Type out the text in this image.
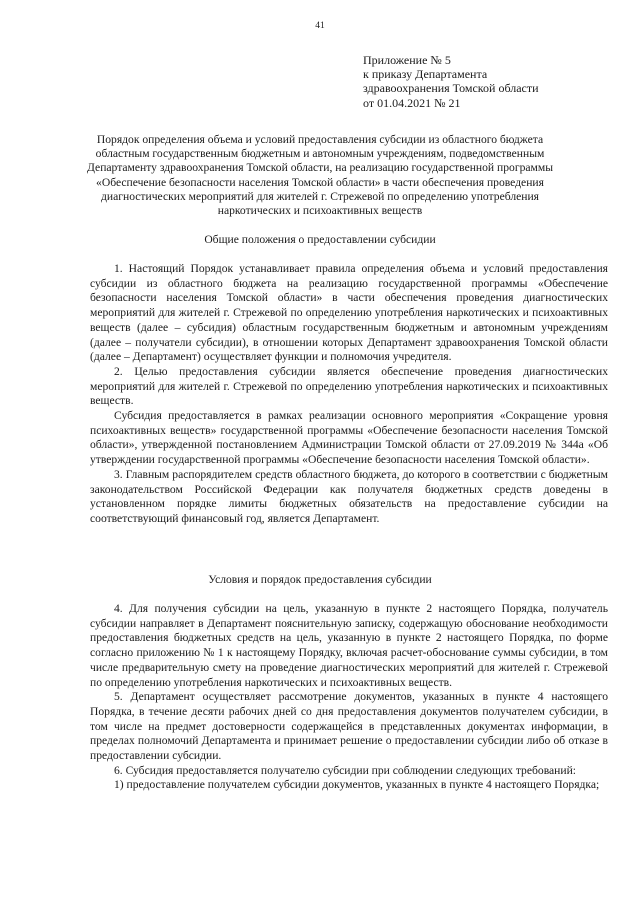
41
Приложение № 5
к приказу Департамента
здравоохранения Томской области
от 01.04.2021 № 21
Порядок определения объема и условий предоставления субсидии из областного бюджета областным государственным бюджетным и автономным учреждениям, подведомственным Департаменту здравоохранения Томской области, на реализацию государственной программы «Обеспечение безопасности населения Томской области» в части обеспечения проведения диагностических мероприятий для жителей г. Стрежевой по определению употребления наркотических и психоактивных веществ
Общие положения о предоставлении субсидии

1. Настоящий Порядок устанавливает правила определения объема и условий предоставления субсидии из областного бюджета на реализацию государственной программы «Обеспечение безопасности населения Томской области» в части обеспечения проведения диагностических мероприятий для жителей г. Стрежевой по определению употребления наркотических и психоактивных веществ (далее – субсидия) областным государственным бюджетным и автономным учреждениям (далее – получатели субсидии), в отношении которых Департамент здравоохранения Томской области (далее – Департамент) осуществляет функции и полномочия учредителя.

2. Целью предоставления субсидии является обеспечение проведения диагностических мероприятий для жителей г. Стрежевой по определению употребления наркотических и психоактивных веществ.

Субсидия предоставляется в рамках реализации основного мероприятия «Сокращение уровня психоактивных веществ» государственной программы «Обеспечение безопасности населения Томской области», утвержденной постановлением Администрации Томской области от 27.09.2019 № 344а «Об утверждении государственной программы «Обеспечение безопасности населения Томской области».

3. Главным распорядителем средств областного бюджета, до которого в соответствии с бюджетным законодательством Российской Федерации как получателя бюджетных средств доведены в установленном порядке лимиты бюджетных обязательств на предоставление субсидии на соответствующий финансовый год, является Департамент.

Условия и порядок предоставления субсидии

4. Для получения субсидии на цель, указанную в пункте 2 настоящего Порядка, получатель субсидии направляет в Департамент пояснительную записку, содержащую обоснование необходимости предоставления бюджетных средств на цель, указанную в пункте 2 настоящего Порядка, по форме согласно приложению № 1 к настоящему Порядку, включая расчет-обоснование суммы субсидии, в том числе предварительную смету на проведение диагностических мероприятий для жителей г. Стрежевой по определению употребления наркотических и психоактивных веществ.

5. Департамент осуществляет рассмотрение документов, указанных в пункте 4 настоящего Порядка, в течение десяти рабочих дней со дня предоставления документов получателем субсидии, в том числе на предмет достоверности содержащейся в представленных документах информации, в пределах полномочий Департамента и принимает решение о предоставлении субсидии либо об отказе в предоставлении субсидии.

6. Субсидия предоставляется получателю субсидии при соблюдении следующих требований:

1) предоставление получателем субсидии документов, указанных в пункте 4 настоящего Порядка;
